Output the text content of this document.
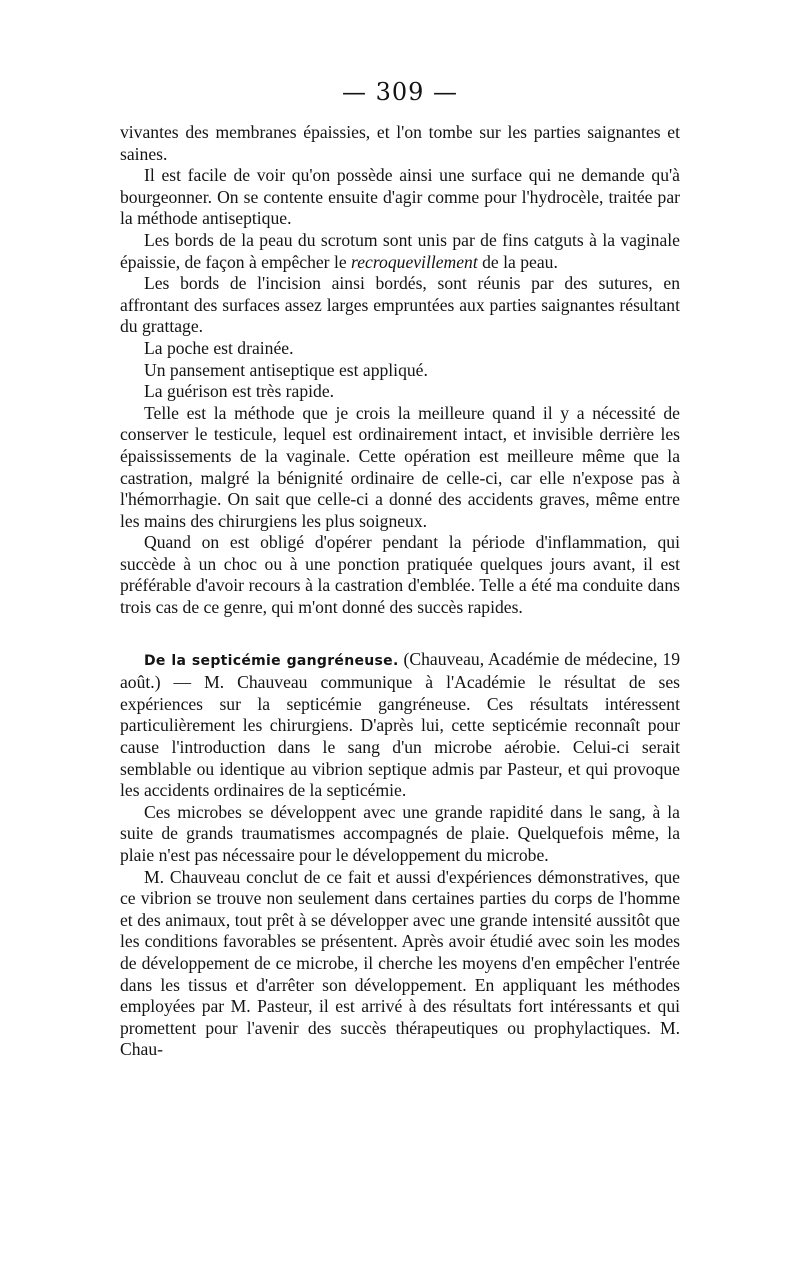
— 309 —

vivantes des membranes épaissies, et l'on tombe sur les parties saignantes et saines.

Il est facile de voir qu'on possède ainsi une surface qui ne demande qu'à bourgeonner. On se contente ensuite d'agir comme pour l'hydrocèle, traitée par la méthode antiseptique.

Les bords de la peau du scrotum sont unis par de fins catguts à la vaginale épaissie, de façon à empêcher le recroquevillement de la peau.

Les bords de l'incision ainsi bordés, sont réunis par des sutures, en affrontant des surfaces assez larges empruntées aux parties saignantes résultant du grattage.

La poche est drainée.

Un pansement antiseptique est appliqué.

La guérison est très rapide.

Telle est la méthode que je crois la meilleure quand il y a nécessité de conserver le testicule, lequel est ordinairement intact, et invisible derrière les épaississements de la vaginale. Cette opération est meilleure même que la castration, malgré la bénignité ordinaire de celle-ci, car elle n'expose pas à l'hémorrhagie. On sait que celle-ci a donné des accidents graves, même entre les mains des chirurgiens les plus soigneux.

Quand on est obligé d'opérer pendant la période d'inflammation, qui succède à un choc ou à une ponction pratiquée quelques jours avant, il est préférable d'avoir recours à la castration d'emblée. Telle a été ma conduite dans trois cas de ce genre, qui m'ont donné des succès rapides.

De la septicémie gangréneuse. (Chauveau, Académie de médecine, 19 août.) — M. Chauveau communique à l'Académie le résultat de ses expériences sur la septicémie gangréneuse. Ces résultats intéressent particulièrement les chirurgiens. D'après lui, cette septicémie reconnaît pour cause l'introduction dans le sang d'un microbe aérobie. Celui-ci serait semblable ou identique au vibrion septique admis par Pasteur, et qui provoque les accidents ordinaires de la septicémie.

Ces microbes se développent avec une grande rapidité dans le sang, à la suite de grands traumatismes accompagnés de plaie. Quelquefois même, la plaie n'est pas nécessaire pour le développement du microbe.

M. Chauveau conclut de ce fait et aussi d'expériences démonstratives, que ce vibrion se trouve non seulement dans certaines parties du corps de l'homme et des animaux, tout prêt à se développer avec une grande intensité aussitôt que les conditions favorables se présentent. Après avoir étudié avec soin les modes de développement de ce microbe, il cherche les moyens d'en empêcher l'entrée dans les tissus et d'arrêter son développement. En appliquant les méthodes employées par M. Pasteur, il est arrivé à des résultats fort intéressants et qui promettent pour l'avenir des succès thérapeutiques ou prophylactiques. M. Chau-
